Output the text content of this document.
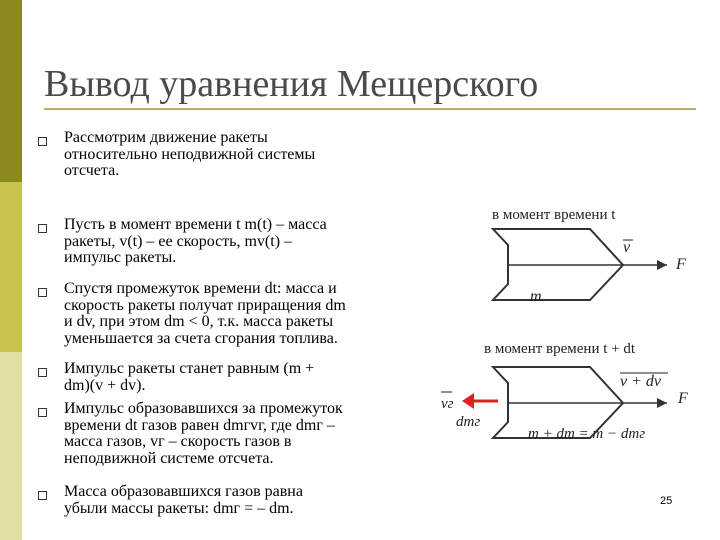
Вывод уравнения Мещерского
Рассмотрим движение ракеты
относительно неподвижной системы
отсчета.
Пусть в момент времени t m(t) – масса
ракеты, v(t) – ее скорость, mv(t) –
импульс ракеты.
Спустя промежуток времени dt: масса и
скорость ракеты получат приращения dm
и dv, при этом dm < 0, т.к. масса ракеты
уменьшается за счета сгорания топлива.
Импульс ракеты станет равным (m +
dm)(v + dv).
Импульс образовавшихся за промежуток
времени dt газов равен dmгvг, где dmг –
масса газов, vг – скорость газов в
неподвижной системе отсчета.
Масса образовавшихся газов равна
убыли массы ракеты: dmг = – dm.
в момент времени t
v
F
m
в момент времени t + dt
v + dv
F
vг
dmг
m + dm = m − dmг
25
